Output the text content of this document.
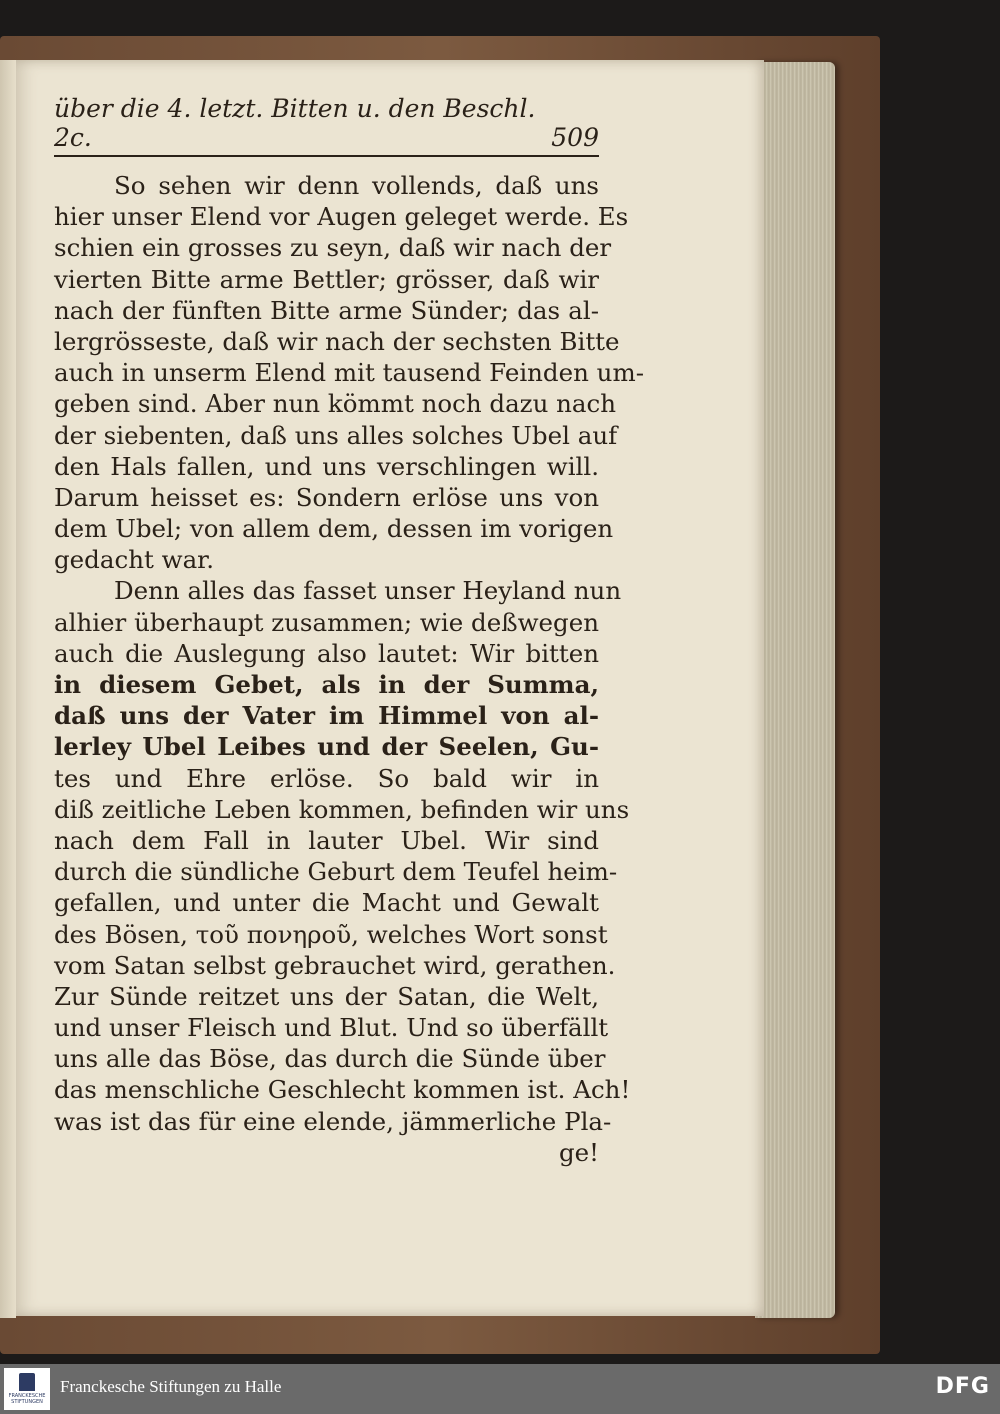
über die 4. letzt. Bitten u. den Beschl. 2c.	509
So sehen wir denn vollends, daß uns
hier unser Elend vor Augen geleget werde. Es
schien ein grosses zu seyn, daß wir nach der
vierten Bitte arme Bettler; grösser, daß wir
nach der fünften Bitte arme Sünder; das al-
lergrösseste, daß wir nach der sechsten Bitte
auch in unserm Elend mit tausend Feinden um-
geben sind. Aber nun kömmt noch dazu nach
der siebenten, daß uns alles solches Ubel auf
den Hals fallen, und uns verschlingen will.
Darum heisset es: Sondern erlöse uns von
dem Ubel; von allem dem, dessen im vorigen
gedacht war.
Denn alles das fasset unser Heyland nun
alhier überhaupt zusammen; wie deßwegen
auch die Auslegung also lautet: Wir bitten
in diesem Gebet, als in der Summa,
daß uns der Vater im Himmel von al-
lerley Ubel Leibes und der Seelen, Gu-
tes und Ehre erlöse. So bald wir in
diß zeitliche Leben kommen, befinden wir uns
nach dem Fall in lauter Ubel. Wir sind
durch die sündliche Geburt dem Teufel heim-
gefallen, und unter die Macht und Gewalt
des Bösen, τοῦ πονηροῦ, welches Wort sonst
vom Satan selbst gebrauchet wird, gerathen.
Zur Sünde reitzet uns der Satan, die Welt,
und unser Fleisch und Blut. Und so überfällt
uns alle das Böse, das durch die Sünde über
das menschliche Geschlecht kommen ist. Ach!
was ist das für eine elende, jämmerliche Pla-
ge!
FRANCKESCHE STIFTUNGEN
Franckesche Stiftungen zu Halle	DFG
